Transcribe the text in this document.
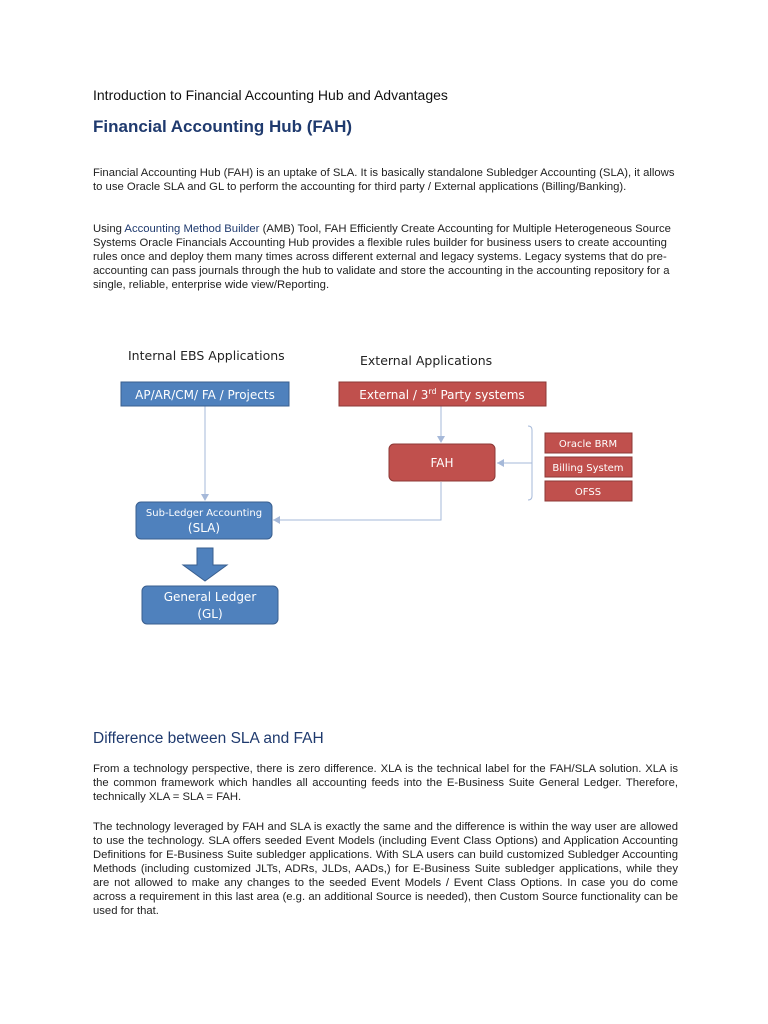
Introduction to Financial Accounting Hub and Advantages
Financial Accounting Hub (FAH)

Financial Accounting Hub (FAH) is an uptake of SLA. It is basically standalone Subledger Accounting (SLA), it allows to use Oracle SLA and GL to perform the accounting for third party / External applications (Billing/Banking).

Using Accounting Method Builder (AMB) Tool, FAH Efficiently Create Accounting for Multiple Heterogeneous Source Systems Oracle Financials Accounting Hub provides a flexible rules builder for business users to create accounting rules once and deploy them many times across different external and legacy systems. Legacy systems that do pre-accounting can pass journals through the hub to validate and store the accounting in the accounting repository for a single, reliable, enterprise wide view/Reporting.

Internal EBS Applications	External Applications
AP/AR/CM/ FA / Projects	External / 3rd Party systems
FAH
Oracle BRM
Billing System
OFSS
Sub-Ledger Accounting
(SLA)
General Ledger
(GL)
Difference between SLA and FAH

From a technology perspective, there is zero difference. XLA is the technical label for the FAH/SLA solution. XLA is the common framework which handles all accounting feeds into the E-Business Suite General Ledger. Therefore, technically XLA = SLA = FAH.

The technology leveraged by FAH and SLA is exactly the same and the difference is within the way user are allowed to use the technology. SLA offers seeded Event Models (including Event Class Options) and Application Accounting Definitions for E-Business Suite subledger applications. With SLA users can build customized Subledger Accounting Methods (including customized JLTs, ADRs, JLDs, AADs,) for E-Business Suite subledger applications, while they are not allowed to make any changes to the seeded Event Models / Event Class Options. In case you do come across a requirement in this last area (e.g. an additional Source is needed), then Custom Source functionality can be used for that.
